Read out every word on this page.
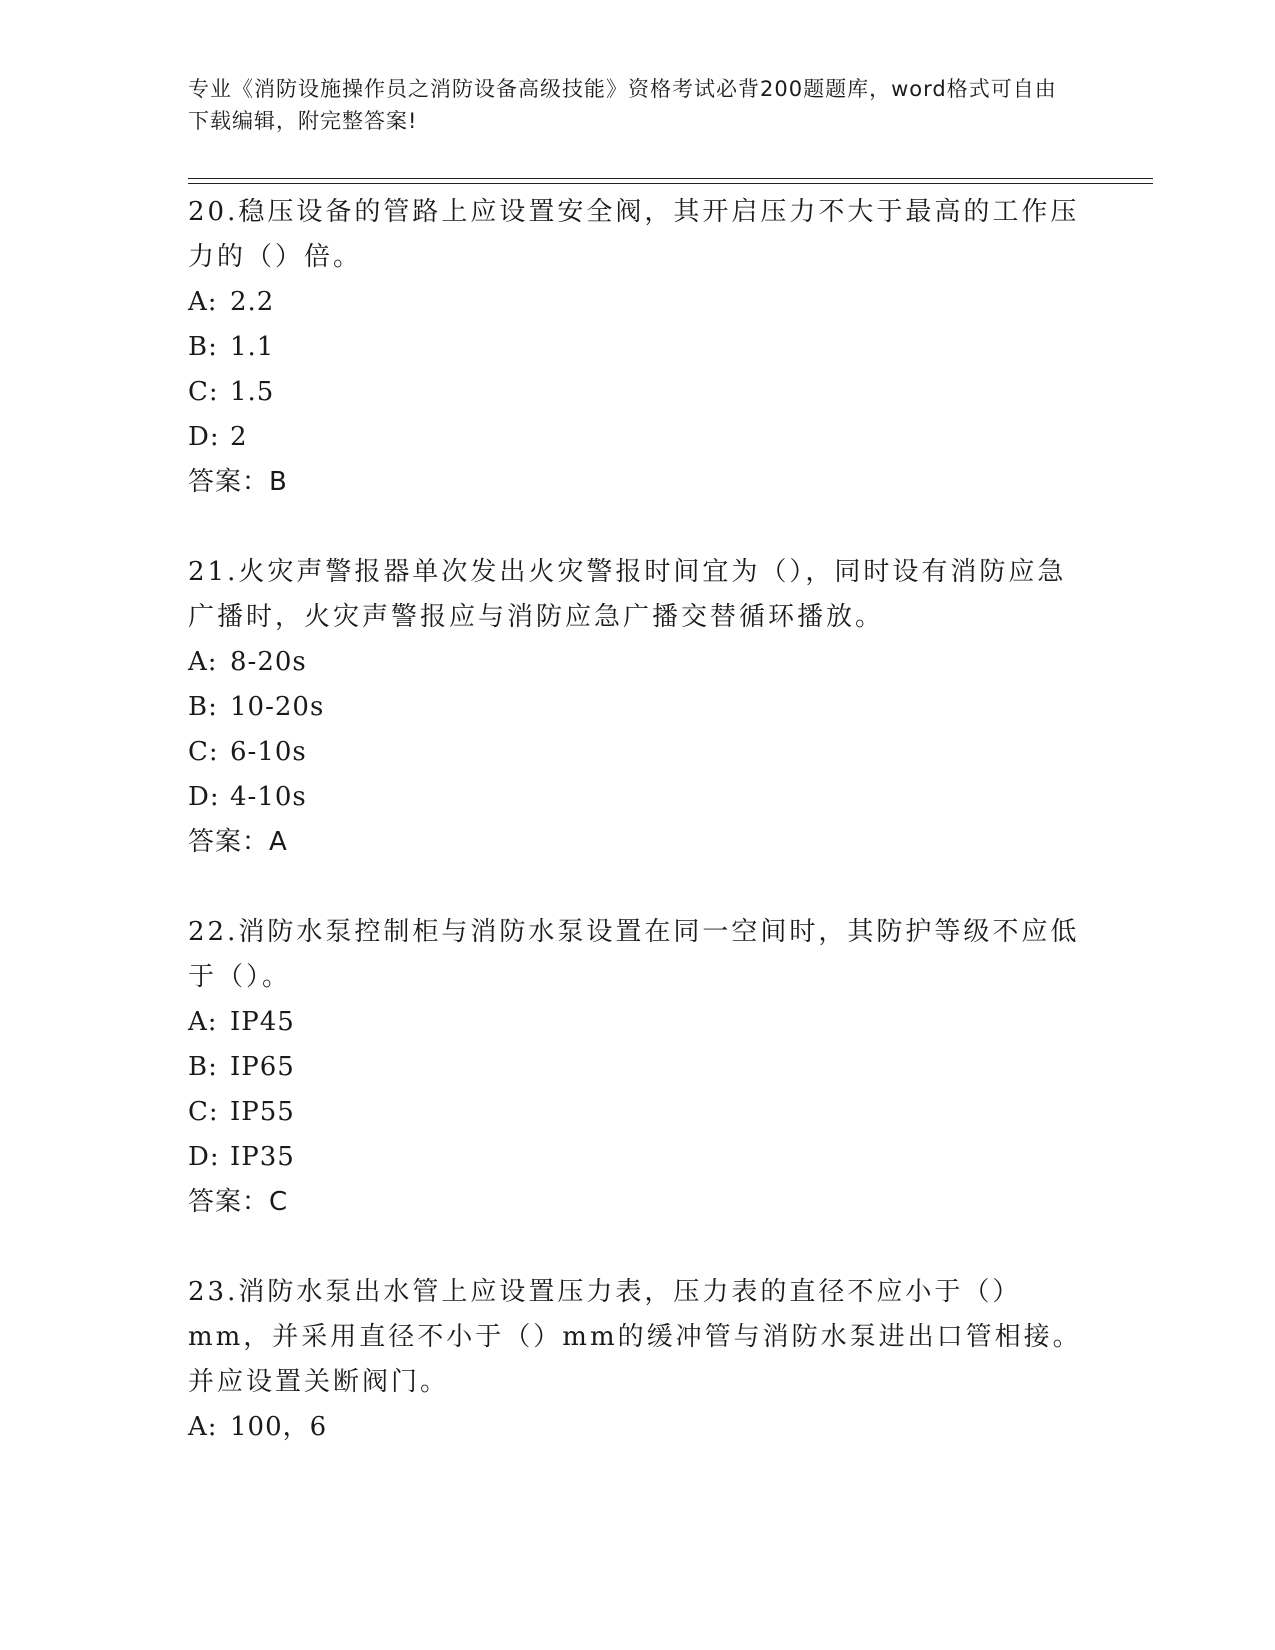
专业《消防设施操作员之消防设备高级技能》资格考试必背200题题库，word格式可自由下载编辑，附完整答案!

20.稳压设备的管路上应设置安全阀，其开启压力不大于最高的工作压力的（）倍。

A: 2.2
B: 1.1
C: 1.5
D: 2
答案：B

21.火灾声警报器单次发出火灾警报时间宜为（），同时设有消防应急广播时，火灾声警报应与消防应急广播交替循环播放。

A: 8-20s
B: 10-20s
C: 6-10s
D: 4-10s
答案：A

22.消防水泵控制柜与消防水泵设置在同一空间时，其防护等级不应低于（）。

A: IP45
B: IP65
C: IP55
D: IP35
答案：C

23.消防水泵出水管上应设置压力表，压力表的直径不应小于（）mm，并采用直径不小于（）mm的缓冲管与消防水泵进出口管相接。并应设置关断阀门。

A: 100，6
